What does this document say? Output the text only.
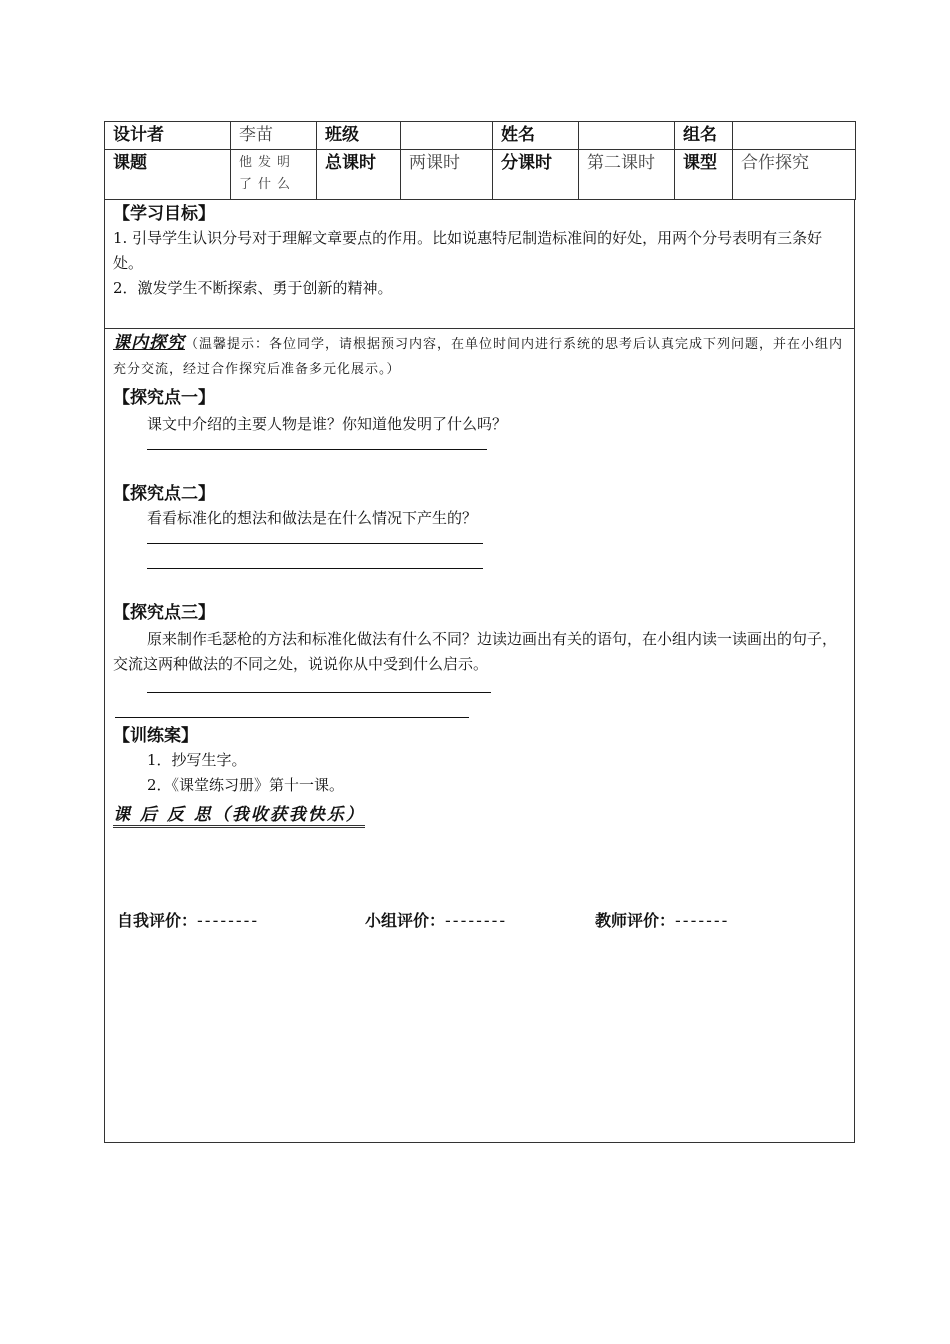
设计者	李苗	班级		姓名		组名	
课题	他发明了什么	总课时	两课时	分课时	第二课时	课型	合作探究
【学习目标】
1. 引导学生认识分号对于理解文章要点的作用。比如说惠特尼制造标准间的好处，用两个分号表明有三条好处。
2．激发学生不断探索、勇于创新的精神。
课内探究（温馨提示：各位同学，请根据预习内容，在单位时间内进行系统的思考后认真完成下列问题，并在小组内充分交流，经过合作探究后准备多元化展示。）
【探究点一】
课文中介绍的主要人物是谁？你知道他发明了什么吗？
【探究点二】
看看标准化的想法和做法是在什么情况下产生的？
【探究点三】
原来制作毛瑟枪的方法和标准化做法有什么不同？边读边画出有关的语句，在小组内读一读画出的句子，交流这两种做法的不同之处，说说你从中受到什么启示。
【训练案】
1．抄写生字。
2．《课堂练习册》第十一课。
课 后 反 思（我收获我快乐）
自我评价：--------	小组评价：--------	教师评价：-------
